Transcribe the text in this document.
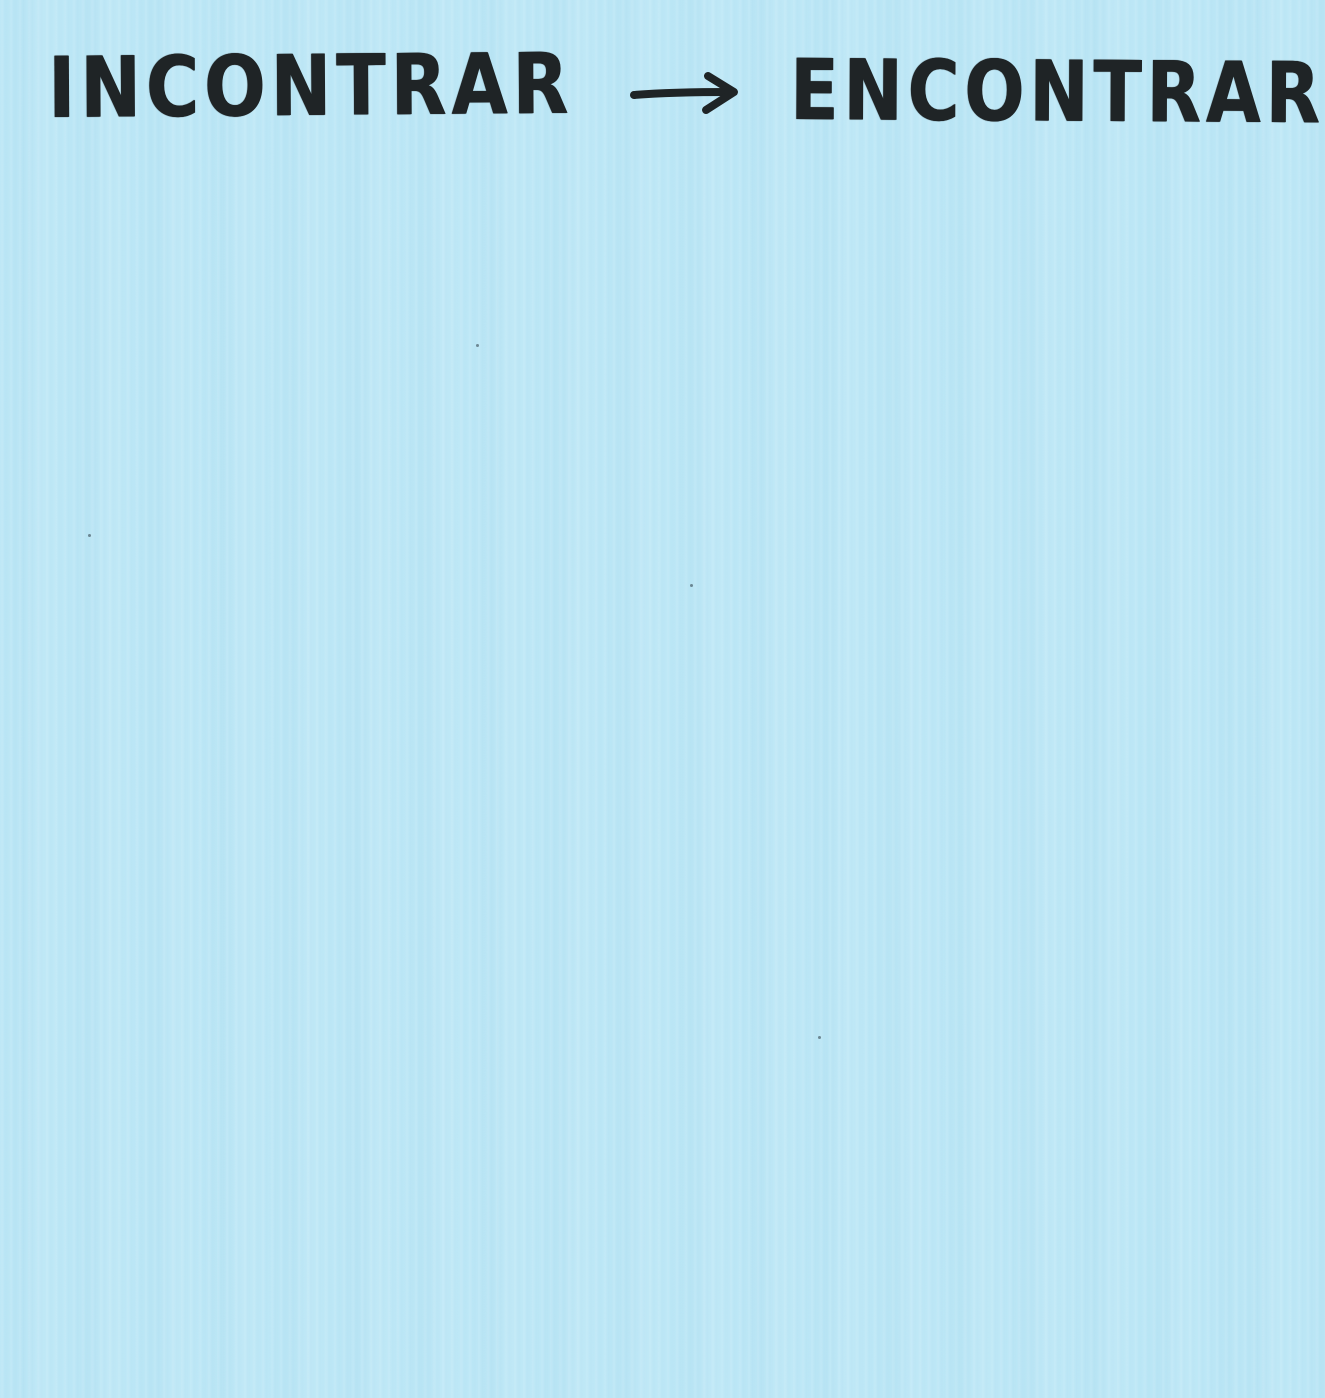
INCONTRAR	ENCONTRAR
